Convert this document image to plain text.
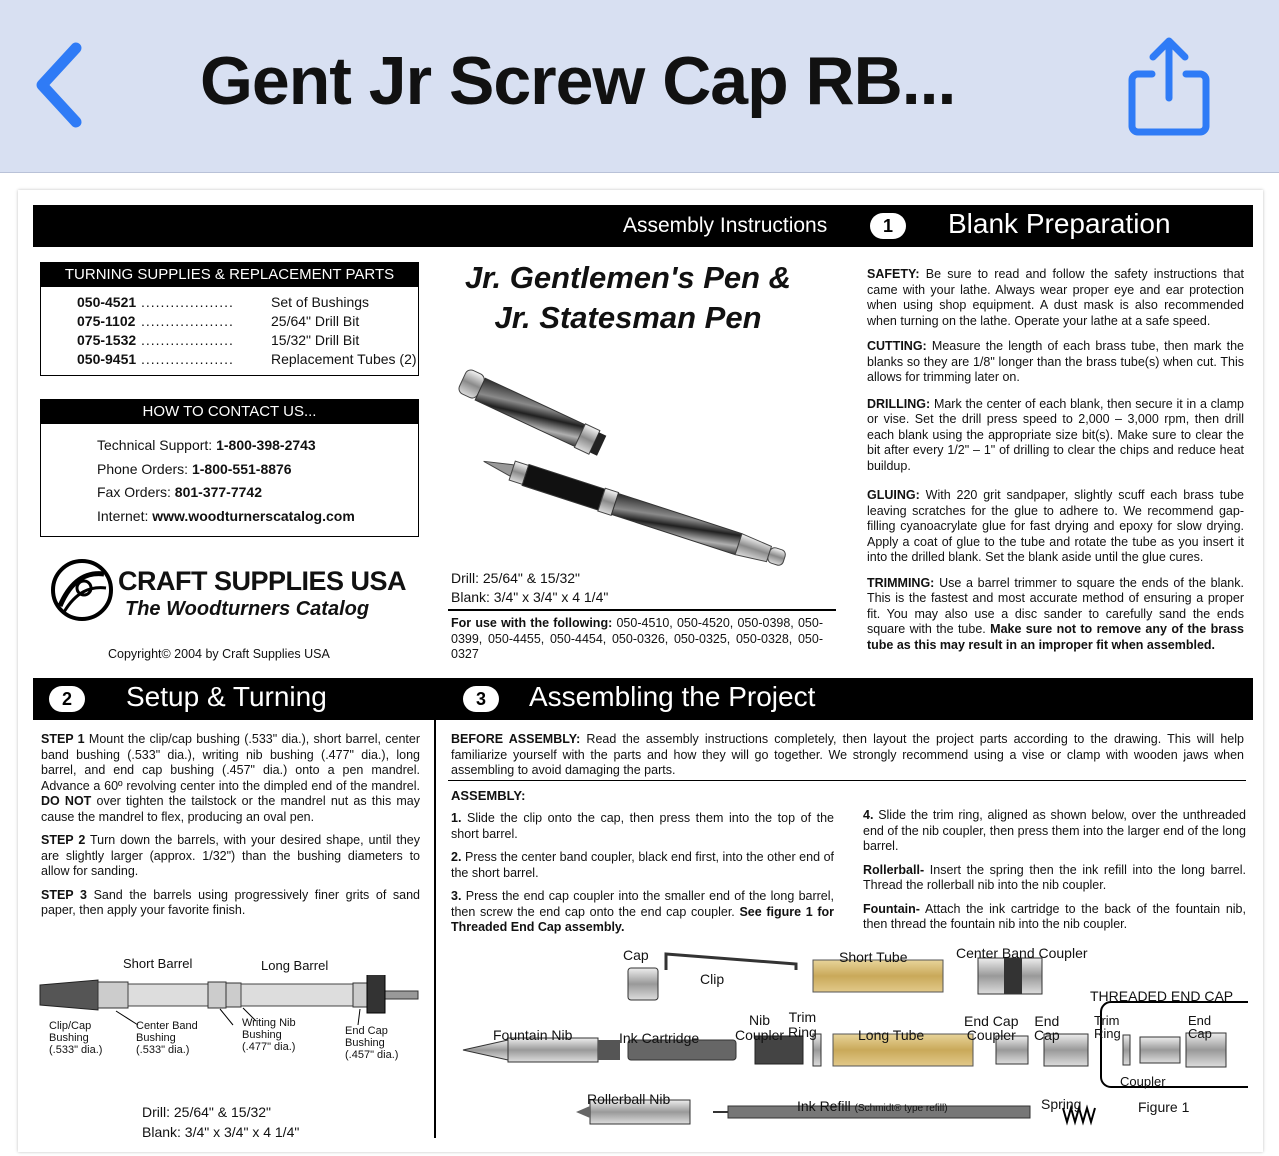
Gent Jr Screw Cap RB...
Assembly Instructions	1	Blank Preparation
TURNING SUPPLIES & REPLACEMENT PARTS
050-4521 ...................	Set of Bushings
075-1102 ...................	25/64" Drill Bit
075-1532 ...................	15/32" Drill Bit
050-9451 ...................	Replacement Tubes (2)
HOW TO CONTACT US...
Technical Support: 1-800-398-2743
Phone Orders: 1-800-551-8876
Fax Orders: 801-377-7742
Internet: www.woodturnerscatalog.com
CRAFT SUPPLIES USA
The Woodturners Catalog
Copyright© 2004 by Craft Supplies USA
Jr. Gentlemen's Pen &
Jr. Statesman Pen
Drill: 25/64" & 15/32"
Blank: 3/4" x 3/4" x 4 1/4"
For use with the following: 050-4510, 050-4520, 050-0398, 050-0399, 050-4455, 050-4454, 050-0326, 050-0325, 050-0328, 050-0327

SAFETY: Be sure to read and follow the safety instructions that came with your lathe. Always wear proper eye and ear protection when using shop equipment. A dust mask is also recommended when turning on the lathe. Operate your lathe at a safe speed.

CUTTING: Measure the length of each brass tube, then mark the blanks so they are 1/8" longer than the brass tube(s) when cut. This allows for trimming later on.

DRILLING: Mark the center of each blank, then secure it in a clamp or vise. Set the drill press speed to 2,000 – 3,000 rpm, then drill each blank using the appropriate size bit(s). Make sure to clear the bit after every 1/2" – 1" of drilling to clear the chips and reduce heat buildup.

GLUING: With 220 grit sandpaper, slightly scuff each brass tube leaving scratches for the glue to adhere to. We recommend gap-filling cyanoacrylate glue for fast drying and epoxy for slow drying. Apply a coat of glue to the tube and rotate the tube as you insert it into the drilled blank. Set the blank aside until the glue cures.

TRIMMING: Use a barrel trimmer to square the ends of the blank. This is the fastest and most accurate method of ensuring a proper fit. You may also use a disc sander to carefully sand the ends square with the tube. Make sure not to remove any of the brass tube as this may result in an improper fit when assembled.

2	Setup & Turning	3	Assembling the Project

STEP 1 Mount the clip/cap bushing (.533" dia.), short barrel, center band bushing (.533" dia.), writing nib bushing (.477" dia.), long barrel, and end cap bushing (.457" dia.) onto a pen mandrel. Advance a 60º revolving center into the dimpled end of the mandrel. DO NOT over tighten the tailstock or the mandrel nut as this may cause the mandrel to flex, producing an oval pen.

STEP 2 Turn down the barrels, with your desired shape, until they are slightly larger (approx. 1/32") than the bushing diameters to allow for sanding.

STEP 3 Sand the barrels using progressively finer grits of sand paper, then apply your favorite finish.

Short Barrel	Long Barrel
Clip/Cap
Bushing
(.533" dia.)
Center Band
Bushing
(.533" dia.)
Writing Nib
Bushing
(.477" dia.)
End Cap
Bushing
(.457" dia.)
Drill: 25/64" & 15/32"
Blank: 3/4" x 3/4" x 4 1/4"
BEFORE ASSEMBLY: Read the assembly instructions completely, then layout the project parts according to the drawing. This will help familiarize yourself with the parts and how they will go together. We strongly recommend using a vise or clamp with wooden jaws when assembling to avoid damaging the parts.
ASSEMBLY:

1. Slide the clip onto the cap, then press them into the top of the short barrel.

2. Press the center band coupler, black end first, into the other end of the short barrel.

3. Press the end cap coupler into the smaller end of the long barrel, then screw the end cap onto the end cap coupler. See figure 1 for Threaded End Cap assembly.

4. Slide the trim ring, aligned as shown below, over the unthreaded end of the nib coupler, then press them into the larger end of the long barrel.

Rollerball- Insert the spring then the ink refill into the long barrel. Thread the rollerball nib into the nib coupler.

Fountain- Attach the ink cartridge to the back of the fountain nib, then thread the fountain nib into the nib coupler.

Cap
Clip
Short Tube	Center Band Coupler
Fountain Nib	Ink Cartridge
Nib
Coupler
Trim
Ring	Long Tube
End Cap
Coupler
End
Cap
THREADED END CAP
Trim
Ring
End
Cap
Coupler
Figure 1
Rollerball Nib	Ink Refill (Schmidt® type refill)	Spring
